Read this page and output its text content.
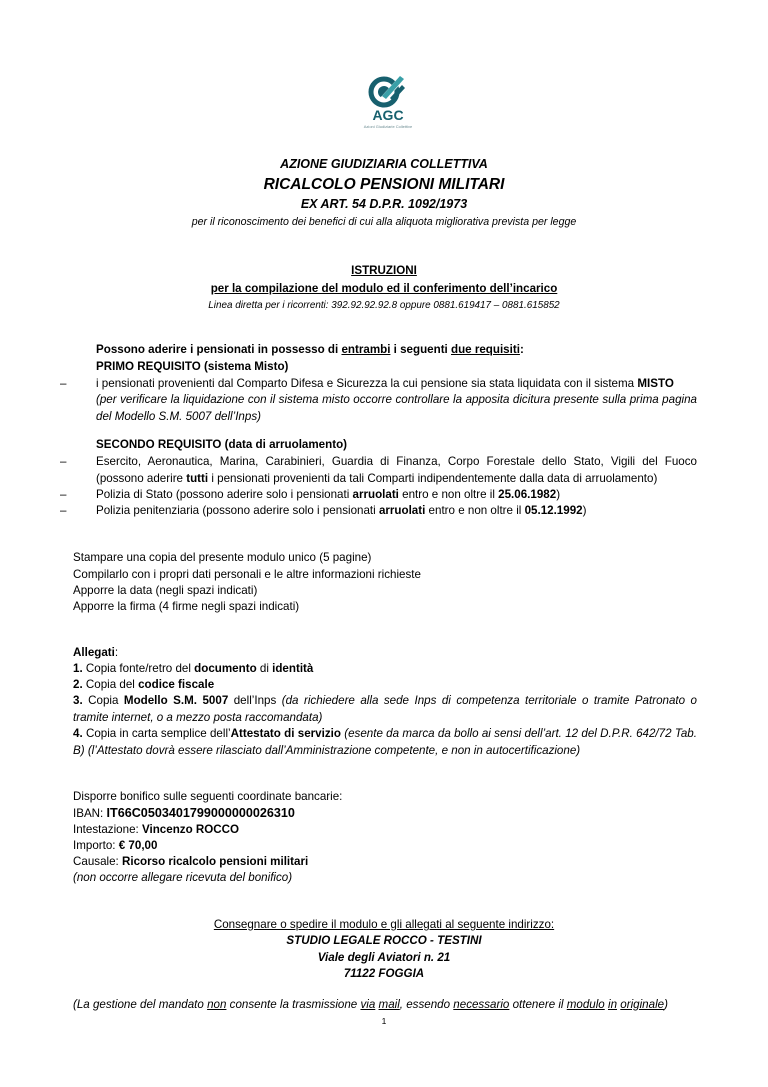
AGC
Azioni Giudiziarie Collettive
AZIONE GIUDIZIARIA COLLETTIVA
RICALCOLO PENSIONI MILITARI
EX ART. 54 D.P.R. 1092/1973
per il riconoscimento dei benefici di cui alla aliquota migliorativa prevista per legge
ISTRUZIONI
per la compilazione del modulo ed il conferimento dell’incarico
Linea diretta per i ricorrenti: 392.92.92.92.8 oppure 0881.619417 – 0881.615852
Possono aderire i pensionati in possesso di entrambi i seguenti due requisiti:
PRIMO REQUISITO (sistema Misto)
–	i pensionati provenienti dal Comparto Difesa e Sicurezza la cui pensione sia stata liquidata con il sistema MISTO
(per verificare la liquidazione con il sistema misto occorre controllare la apposita dicitura presente sulla prima pagina del Modello S.M. 5007 dell’Inps)
SECONDO REQUISITO (data di arruolamento)
–	Esercito, Aeronautica, Marina, Carabinieri, Guardia di Finanza, Corpo Forestale dello Stato, Vigili del Fuoco (possono aderire tutti i pensionati provenienti da tali Comparti indipendentemente dalla data di arruolamento)
–	Polizia di Stato (possono aderire solo i pensionati arruolati entro e non oltre il 25.06.1982)
–	Polizia penitenziaria (possono aderire solo i pensionati arruolati entro e non oltre il 05.12.1992)
Stampare una copia del presente modulo unico (5 pagine)
Compilarlo con i propri dati personali e le altre informazioni richieste
Apporre la data (negli spazi indicati)
Apporre la firma (4 firme negli spazi indicati)
Allegati:
1. Copia fonte/retro del documento di identità
2. Copia del codice fiscale
3. Copia Modello S.M. 5007 dell’Inps (da richiedere alla sede Inps di competenza territoriale o tramite Patronato o tramite internet, o a mezzo posta raccomandata)
4. Copia in carta semplice dell’Attestato di servizio (esente da marca da bollo ai sensi dell’art. 12 del D.P.R. 642/72 Tab. B) (l’Attestato dovrà essere rilasciato dall’Amministrazione competente, e non in autocertificazione)
Disporre bonifico sulle seguenti coordinate bancarie:
IBAN: IT66C0503401799000000026310
Intestazione: Vincenzo ROCCO
Importo: € 70,00
Causale: Ricorso ricalcolo pensioni militari
(non occorre allegare ricevuta del bonifico)
Consegnare o spedire il modulo e gli allegati al seguente indirizzo:
STUDIO LEGALE ROCCO - TESTINI
Viale degli Aviatori n. 21
71122 FOGGIA
(La gestione del mandato non consente la trasmissione via mail, essendo necessario ottenere il modulo in originale)
1
